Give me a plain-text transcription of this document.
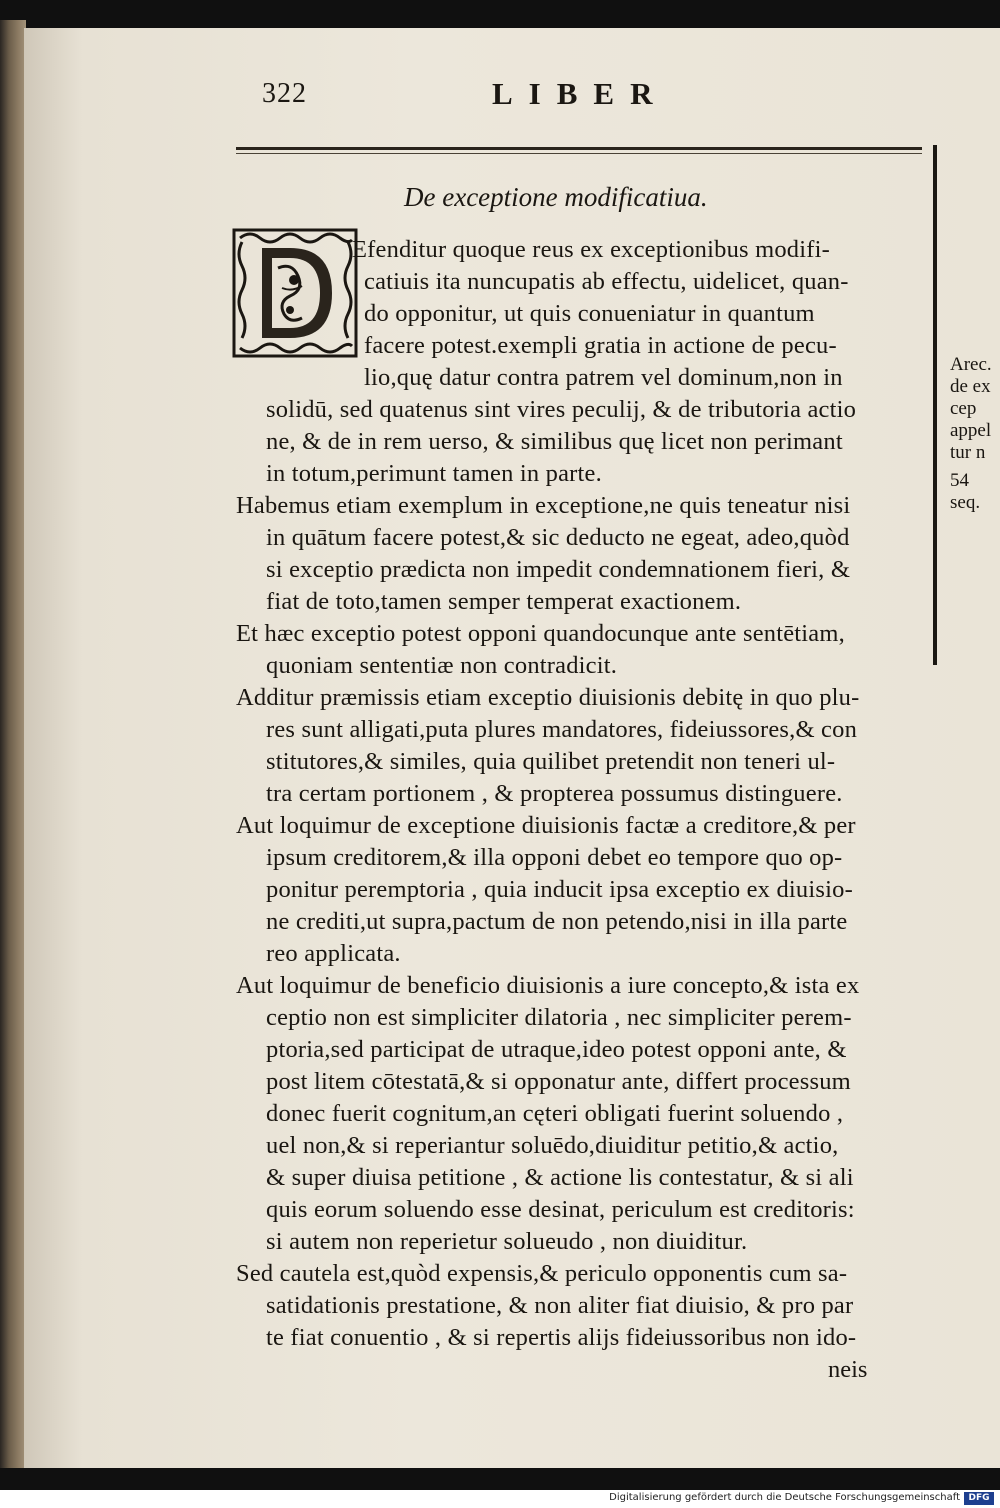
322	LIBER
De exceptione modificatiua.
Efenditur quoque reus ex exceptionibus modifi-
catiuis ita nuncupatis ab effectu, uidelicet, quan-
do opponitur, ut quis conueniatur in quantum
facere potest.exempli gratia in actione de pecu-
lio,quę datur contra patrem vel dominum,non in
solidū, sed quatenus sint vires peculij, & de tributoria actio
ne, & de in rem uerso, & similibus quę licet non perimant
in totum,perimunt tamen in parte.
Habemus etiam exemplum in exceptione,ne quis teneatur nisi
in quātum facere potest,& sic deducto ne egeat, adeo,quòd
si exceptio prædicta non impedit condemnationem fieri, &
fiat de toto,tamen semper temperat exactionem.
Et hæc exceptio potest opponi quandocunque ante sentētiam,
quoniam sententiæ non contradicit.
Additur præmissis etiam exceptio diuisionis debitę in quo plu-
res sunt alligati,puta plures mandatores, fideiussores,& con
stitutores,& similes, quia quilibet pretendit non teneri ul-
tra certam portionem , & propterea possumus distinguere.
Aut loquimur de exceptione diuisionis factæ a creditore,& per
ipsum creditorem,& illa opponi debet eo tempore quo op-
ponitur peremptoria , quia inducit ipsa exceptio ex diuisio-
ne crediti,ut supra,pactum de non petendo,nisi in illa parte
reo applicata.
Aut loquimur de beneficio diuisionis a iure concepto,& ista ex
ceptio non est simpliciter dilatoria , nec simpliciter perem-
ptoria,sed participat de utraque,ideo potest opponi ante, &
post litem cōtestatā,& si opponatur ante, differt processum
donec fuerit cognitum,an cęteri obligati fuerint soluendo ,
uel non,& si reperiantur soluēdo,diuiditur petitio,& actio,
& super diuisa petitione , & actione lis contestatur, & si ali
quis eorum soluendo esse desinat, periculum est creditoris:
si autem non reperietur solueudo , non diuiditur.
Sed cautela est,quòd expensis,& periculo opponentis cum sa-
satidationis prestatione, & non aliter fiat diuisio, & pro par
te fiat conuentio , & si repertis alijs fideiussoribus non ido-
neis
Arec.
de ex
cep
appel
tur n
54
seq.
Digitalisierung gefördert durch die Deutsche Forschungsgemeinschaft DFG
